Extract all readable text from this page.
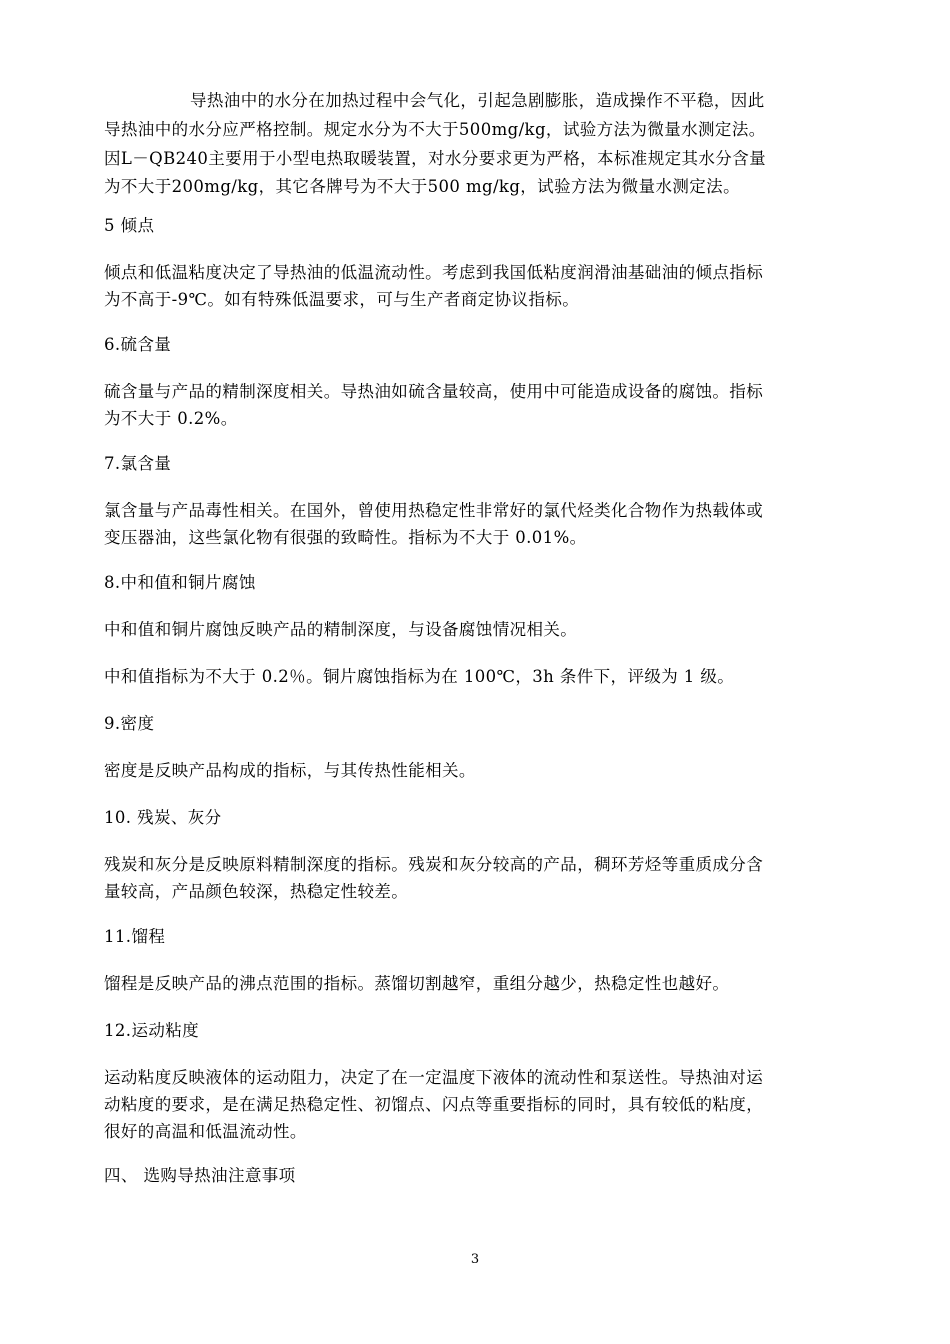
导热油中的水分在加热过程中会气化，引起急剧膨胀，造成操作不平稳，因此
导热油中的水分应严格控制。规定水分为不大于500mg/kg，试验方法为微量水测定法。
因L－QB240主要用于小型电热取暖装置，对水分要求更为严格，本标准规定其水分含量
为不大于200mg/kg，其它各牌号为不大于500 mg/kg，试验方法为微量水测定法。
5 倾点
倾点和低温粘度决定了导热油的低温流动性。考虑到我国低粘度润滑油基础油的倾点指标
为不高于-9℃。如有特殊低温要求，可与生产者商定协议指标。
6.硫含量
硫含量与产品的精制深度相关。导热油如硫含量较高，使用中可能造成设备的腐蚀。指标
为不大于 0.2%。
7.氯含量
氯含量与产品毒性相关。在国外，曾使用热稳定性非常好的氯代烃类化合物作为热载体或
变压器油，这些氯化物有很强的致畸性。指标为不大于 0.01%。
8.中和值和铜片腐蚀
中和值和铜片腐蚀反映产品的精制深度，与设备腐蚀情况相关。
中和值指标为不大于 0.2％。铜片腐蚀指标为在 100℃，3h 条件下，评级为 1 级。
9.密度
密度是反映产品构成的指标，与其传热性能相关。
10. 残炭、灰分
残炭和灰分是反映原料精制深度的指标。残炭和灰分较高的产品，稠环芳烃等重质成分含
量较高，产品颜色较深，热稳定性较差。
11.馏程
馏程是反映产品的沸点范围的指标。蒸馏切割越窄，重组分越少，热稳定性也越好。
12.运动粘度
运动粘度反映液体的运动阻力，决定了在一定温度下液体的流动性和泵送性。导热油对运
动粘度的要求，是在满足热稳定性、初馏点、闪点等重要指标的同时，具有较低的粘度，
很好的高温和低温流动性。
四、 选购导热油注意事项
3
